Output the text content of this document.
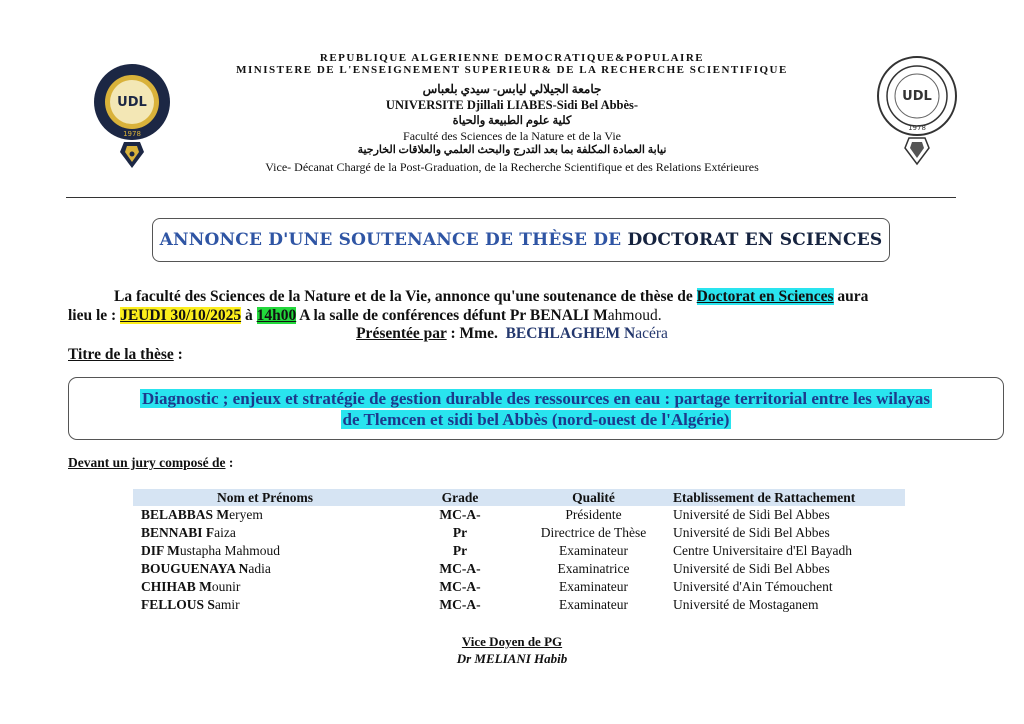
UDL
1978
UDL
1978
REPUBLIQUE ALGERIENNE DEMOCRATIQUE&POPULAIRE
MINISTERE DE L'ENSEIGNEMENT SUPERIEUR& DE LA RECHERCHE SCIENTIFIQUE
جامعة الجيلالي ليابس- سيدي بلعباس
UNIVERSITE Djillali LIABES-Sidi Bel Abbès-
كلية علوم الطبيعة والحياة
Faculté des Sciences de la Nature et de la Vie
نيابة العمادة المكلفة بما بعد التدرج والبحث العلمي والعلاقات الخارجية
Vice- Décanat Chargé de la Post-Graduation, de la Recherche Scientifique et des Relations Extérieures
ANNONCE D'UNE SOUTENANCE DE THÈSE DE
DOCTORAT EN SCIENCES
La faculté des Sciences de la Nature et de la Vie, annonce qu'une soutenance de thèse de Doctorat en Sciences aura
lieu le : JEUDI 30/10/2025 à 14h00 A la salle de conférences défunt Pr BENALI Mahmoud.
Présentée par : Mme. BECHLAGHEM Nacéra
Titre de la thèse :
Diagnostic ; enjeux et stratégie de gestion durable des ressources en eau : partage territorial entre les wilayas
de Tlemcen et sidi bel Abbès (nord-ouest de l'Algérie)
Devant un jury composé de :
Nom et Prénoms	Grade	Qualité	Etablissement de Rattachement
BELABBAS Meryem	MC-A-	Présidente	Université de Sidi Bel Abbes
BENNABI Faiza	Pr	Directrice de Thèse	Université de Sidi Bel Abbes
DIF Mustapha Mahmoud	Pr	Examinateur	Centre Universitaire d'El Bayadh
BOUGUENAYA Nadia	MC-A-	Examinatrice	Université de Sidi Bel Abbes
CHIHAB Mounir	MC-A-	Examinateur	Université d'Ain Témouchent
FELLOUS Samir	MC-A-	Examinateur	Université de Mostaganem
Vice Doyen de PG
Dr MELIANI Habib
